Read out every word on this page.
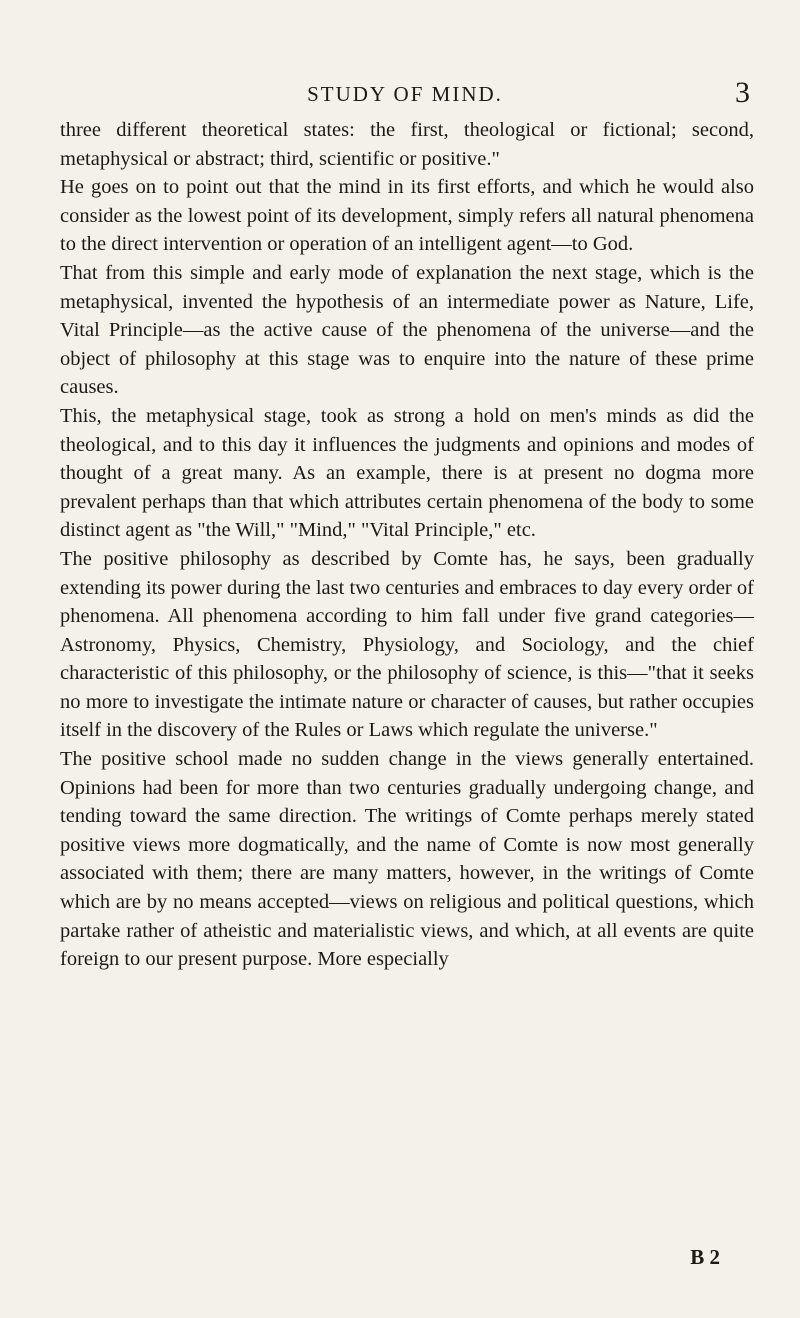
STUDY OF MIND.	3

three different theoretical states: the first, theological or fictional; second, metaphysical or abstract; third, scientific or positive."

He goes on to point out that the mind in its first efforts, and which he would also consider as the lowest point of its development, simply refers all natural phenomena to the direct intervention or operation of an intelligent agent—to God.

That from this simple and early mode of explanation the next stage, which is the metaphysical, invented the hypothesis of an intermediate power as Nature, Life, Vital Principle—as the active cause of the phenomena of the universe—and the object of philosophy at this stage was to enquire into the nature of these prime causes.

This, the metaphysical stage, took as strong a hold on men's minds as did the theological, and to this day it influences the judgments and opinions and modes of thought of a great many. As an example, there is at present no dogma more prevalent perhaps than that which attributes certain phenomena of the body to some distinct agent as "the Will," "Mind," "Vital Principle," etc.

The positive philosophy as described by Comte has, he says, been gradually extending its power during the last two centuries and embraces to day every order of phenomena. All phenomena according to him fall under five grand categories—Astronomy, Physics, Chemistry, Physiology, and Sociology, and the chief characteristic of this philosophy, or the philosophy of science, is this—"that it seeks no more to investigate the intimate nature or character of causes, but rather occupies itself in the discovery of the Rules or Laws which regulate the universe."

The positive school made no sudden change in the views generally entertained. Opinions had been for more than two centuries gradually undergoing change, and tending toward the same direction. The writings of Comte perhaps merely stated positive views more dogmatically, and the name of Comte is now most generally associated with them; there are many matters, however, in the writings of Comte which are by no means accepted—views on religious and political questions, which partake rather of atheistic and materialistic views, and which, at all events are quite foreign to our present purpose. More especially

B 2
